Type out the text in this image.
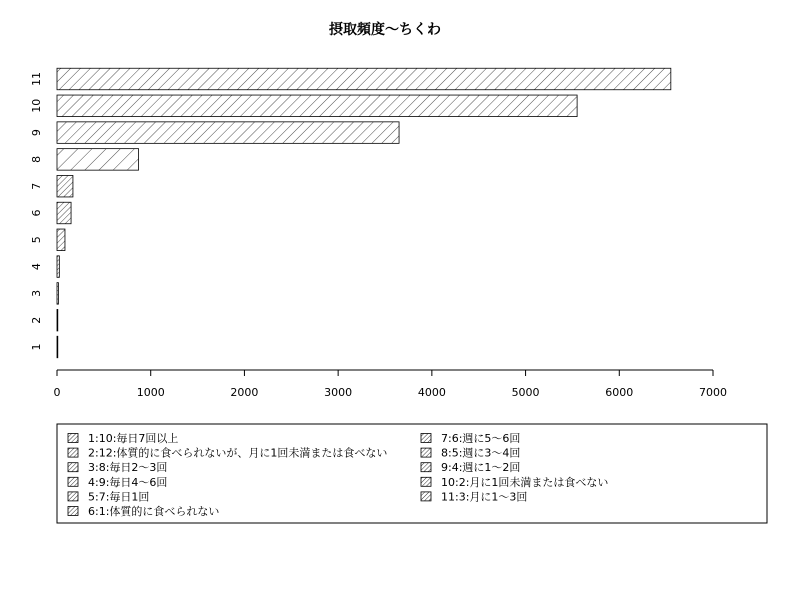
摂取頻度〜ちくわ
1
2
3
4
5
6
7
8
9
10
11
0	1000	2000	3000	4000	5000	6000	7000
1:10:毎日7回以上
2:12:体質的に食べられないが、月に1回未満または食べない
3:8:毎日2〜3回
4:9:毎日4〜6回
5:7:毎日1回
6:1:体質的に食べられない
7:6:週に5〜6回
8:5:週に3〜4回
9:4:週に1〜2回
10:2:月に1回未満または食べない
11:3:月に1〜3回
